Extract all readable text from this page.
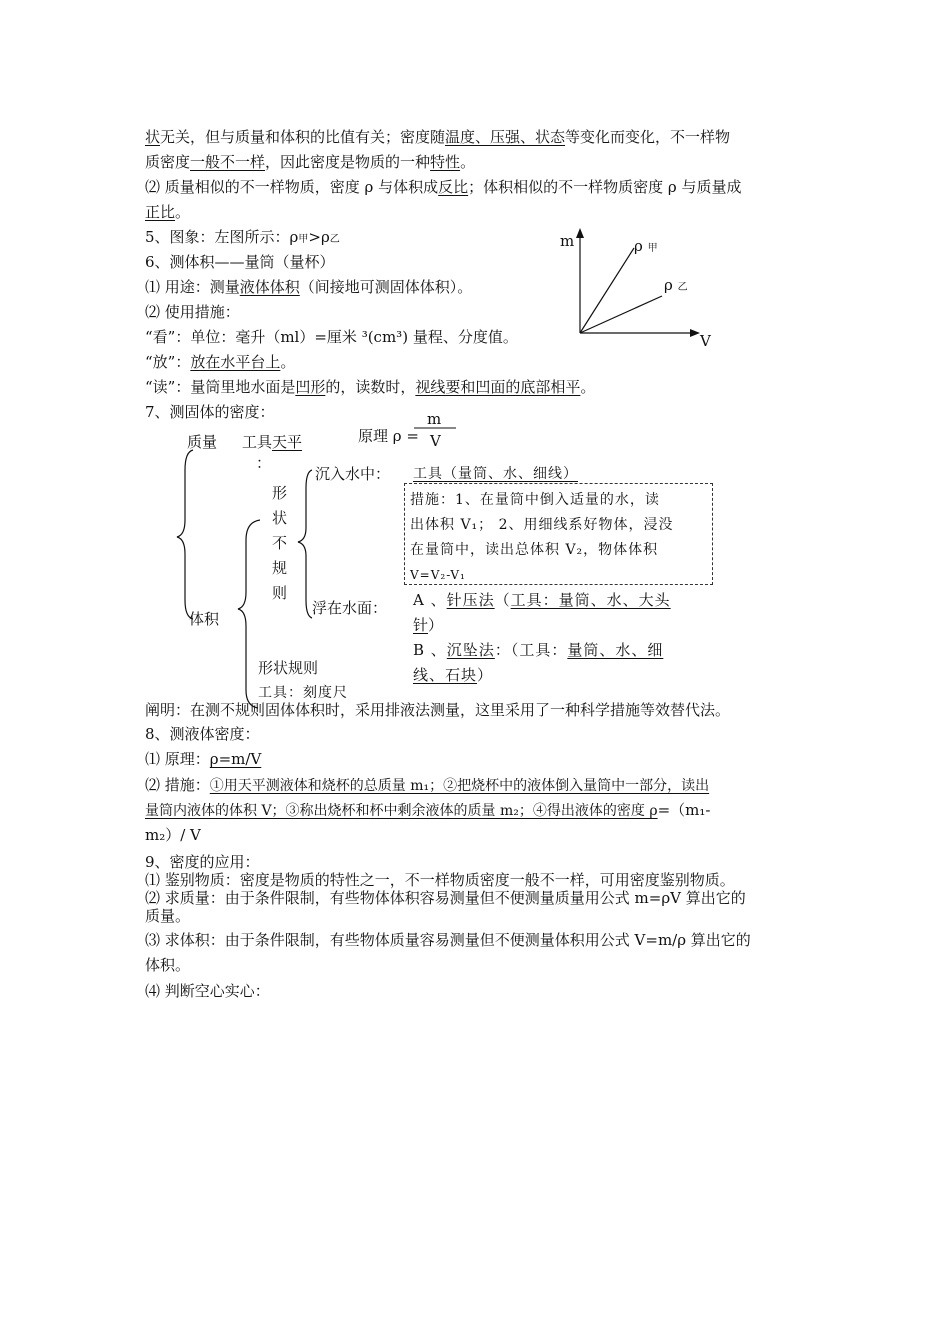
状无关，但与质量和体积的比值有关；密度随温度、压强、状态等变化而变化，不一样物
质密度一般不一样，因此密度是物质的一种特性。
⑵ 质量相似的不一样物质，密度 ρ 与体积成反比；体积相似的不一样物质密度 ρ 与质量成
正比。
5、图象：左图所示：ρ甲>ρ乙	m
V
ρ 甲
ρ 乙
6、测体积——量筒（量杯）
⑴ 用途：测量液体体积（间接地可测固体体积）。
⑵ 使用措施：
“看”：单位：毫升（ml）=厘米 ³(cm³) 量程、分度值。
“放”：放在水平台上。
“读”：量筒里地水面是凹形的，读数时，视线要和凹面的底部相平。
7、测固体的密度：
质量 工具天平
：
原理 ρ =
m
V
形
状
不
规
则
沉入水中： 工具（量筒、水、细线）
措施：1、在量筒中倒入适量的水，读
出体积 V₁； 2、用细线系好物体，浸没
在量筒中，读出总体积 V₂，物体体积
V=V₂-V₁
浮在水面： A 、针压法（工具：量筒、水、大头
针）
体积
B 、沉坠法：（工具：量筒、水、细
线、石块）
形状规则
工具：刻度尺
阐明：在测不规则固体体积时，采用排液法测量，这里采用了一种科学措施等效替代法。
8、测液体密度：
⑴ 原理：ρ=m/V
⑵ 措施：①用天平测液体和烧杯的总质量 m₁；②把烧杯中的液体倒入量筒中一部分，读出
量筒内液体的体积 V；③称出烧杯和杯中剩余液体的质量 m₂；④得出液体的密度 ρ=（m₁-
m₂）/ V
9、密度的应用：
⑴ 鉴别物质：密度是物质的特性之一，不一样物质密度一般不一样，可用密度鉴别物质。
⑵ 求质量：由于条件限制，有些物体体积容易测量但不便测量质量用公式 m=ρV 算出它的
质量。
⑶ 求体积：由于条件限制，有些物体质量容易测量但不便测量体积用公式 V=m/ρ 算出它的
体积。
⑷ 判断空心实心：
